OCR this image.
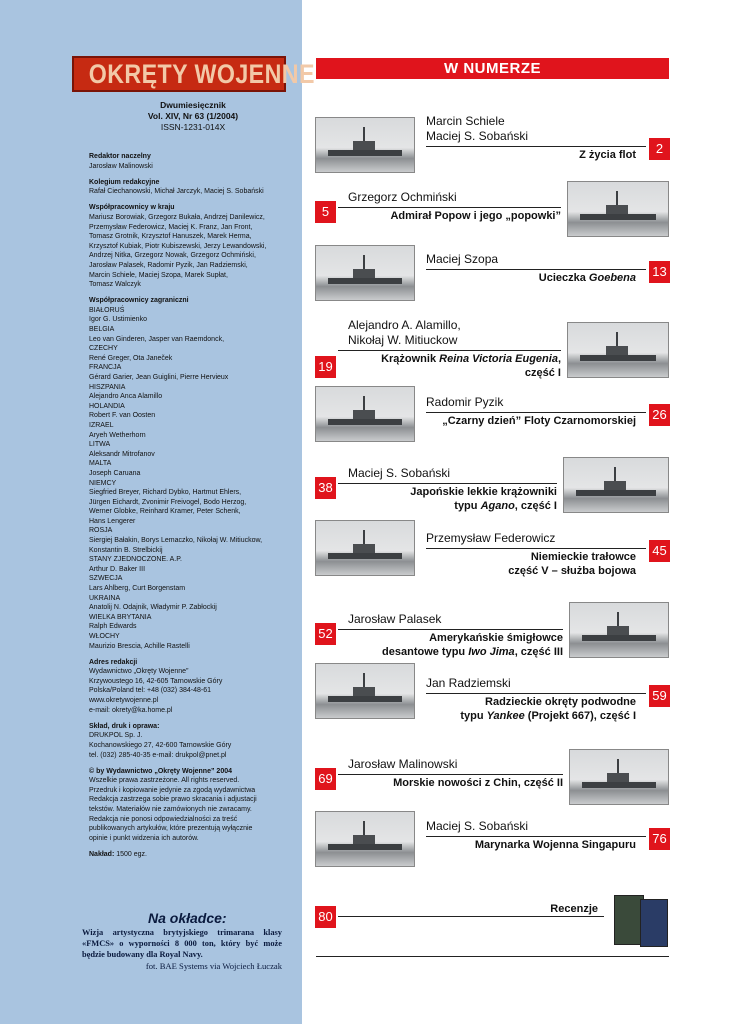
OKRĘTY WOJENNE
Dwumiesięcznik
Vol. XIV, Nr 63 (1/2004)
ISSN-1231-014X
Redaktor naczelny
Jarosław Malinowski
Kolegium redakcyjne
Rafał Ciechanowski, Michał Jarczyk, Maciej S. Sobański
Współpracownicy w kraju
Mariusz Borowiak, Grzegorz Bukała, Andrzej Danilewicz,
Przemysław Federowicz, Maciej K. Franz, Jan Front,
Tomasz Grotnik, Krzysztof Hanuszek, Marek Herma,
Krzysztof Kubiak, Piotr Kubiszewski, Jerzy Lewandowski,
Andrzej Nitka, Grzegorz Nowak, Grzegorz Ochmiński,
Jarosław Palasek, Radomir Pyzik, Jan Radziemski,
Marcin Schiele, Maciej Szopa, Marek Supłat,
Tomasz Walczyk
Współpracownicy zagraniczni
BIAŁORUŚ
Igor G. Ustimienko
BELGIA
Leo van Ginderen, Jasper van Raemdonck,
CZECHY
René Greger, Ota Janeček
FRANCJA
Gérard Garier, Jean Guiglini, Pierre Hervieux
HISZPANIA
Alejandro Anca Alamillo
HOLANDIA
Robert F. van Oosten
IZRAEL
Aryeh Wetherhorn
LITWA
Aleksandr Mitrofanov
MALTA
Joseph Caruana
NIEMCY
Siegfried Breyer, Richard Dybko, Hartmut Ehlers,
Jürgen Eichardt, Zvonimir Freivogel, Bodo Herzog,
Werner Globke, Reinhard Kramer, Peter Schenk,
Hans Lengerer
ROSJA
Siergiej Bałakin, Borys Lemaczko, Nikołaj W. Mitiuckow,
Konstantin B. Strelbickij
STANY ZJEDNOCZONE. A.P.
Arthur D. Baker III
SZWECJA
Lars Ahlberg, Curt Borgenstam
UKRAINA
Anatolij N. Odajnik, Władymir P. Zabłockij
WIELKA BRYTANIA
Ralph Edwards
WŁOCHY
Maurizio Brescia, Achille Rastelli
Adres redakcji
Wydawnictwo „Okręty Wojenne”
Krzywoustego 16, 42-605 Tarnowskie Góry
Polska/Poland tel: +48 (032) 384-48-61
www.okretywojenne.pl
e-mail: okrety@ka.home.pl
Skład, druk i oprawa:
DRUKPOL Sp. J.
Kochanowskiego 27, 42-600 Tarnowskie Góry
tel. (032) 285-40-35 e-mail: drukpol@pnet.pl
© by Wydawnictwo „Okręty Wojenne” 2004
Wszelkie prawa zastrzeżone. All rights reserved.
Przedruk i kopiowanie jedynie za zgodą wydawnictwa
Redakcja zastrzega sobie prawo skracania i adjustacji
tekstów. Materiałów nie zamówionych nie zwracamy.
Redakcja nie ponosi odpowiedzialności za treść
publikowanych artykułów, które prezentują wyłącznie
opinie i punkt widzenia ich autorów.
Nakład: 1500 egz.
Na okładce:
Wizja artystyczna brytyjskiego trimarana klasy «FMCS» o wyporności 8 000 ton, który być może będzie budowany dla Royal Navy.
fot. BAE Systems via Wojciech Łuczak
W NUMERZE
Marcin Schiele
Maciej S. Sobański
Z życia flot	2
Grzegorz Ochmiński
Admirał Popow i jego „popowki”
5
Maciej Szopa
Ucieczka Goebena 13
Alejandro A. Alamillo,
Nikołaj W. Mitiuckow
Krążownik Reina Victoria Eugenia,
część I
19
Radomir Pyzik
„Czarny dzień” Floty Czarnomorskiej 26
Maciej S. Sobański
Japońskie lekkie krążowniki
typu Agano, część I
38
Przemysław Federowicz
Niemieckie trałowce
część V – służba bojowa
45
Jarosław Palasek
Amerykańskie śmigłowce
desantowe typu Iwo Jima, część III
52
Jan Radziemski
Radzieckie okręty podwodne
typu Yankee (Projekt 667), część I
59
Jarosław Malinowski
Morskie nowości z Chin, część II
69
Maciej S. Sobański
Marynarka Wojenna Singapuru 76
Recenzje
80
